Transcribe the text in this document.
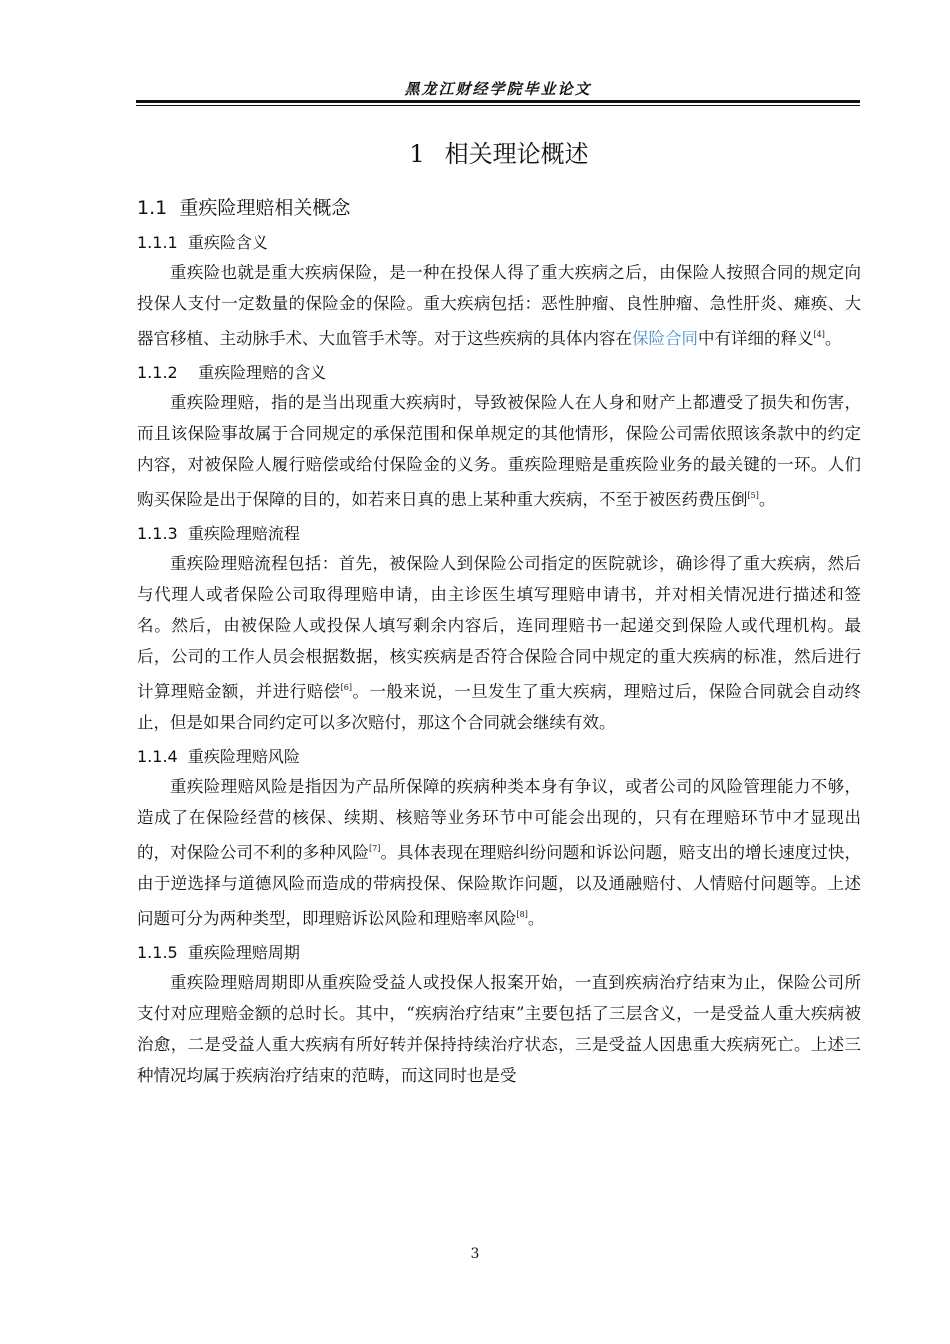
黑龙江财经学院毕业论文
1 相关理论概述
1.1 重疾险理赔相关概念
1.1.1 重疾险含义

重疾险也就是重大疾病保险，是一种在投保人得了重大疾病之后，由保险人按照合同的规定向投保人支付一定数量的保险金的保险。重大疾病包括：恶性肿瘤、良性肿瘤、急性肝炎、瘫痪、大器官移植、主动脉手术、大血管手术等。对于这些疾病的具体内容在保险合同中有详细的释义[4]。

1.1.2 重疾险理赔的含义

重疾险理赔，指的是当出现重大疾病时，导致被保险人在人身和财产上都遭受了损失和伤害，而且该保险事故属于合同规定的承保范围和保单规定的其他情形，保险公司需依照该条款中的约定内容，对被保险人履行赔偿或给付保险金的义务。重疾险理赔是重疾险业务的最关键的一环。人们购买保险是出于保障的目的，如若来日真的患上某种重大疾病，不至于被医药费压倒[5]。

1.1.3 重疾险理赔流程

重疾险理赔流程包括：首先，被保险人到保险公司指定的医院就诊，确诊得了重大疾病，然后与代理人或者保险公司取得理赔申请，由主诊医生填写理赔申请书，并对相关情况进行描述和签名。然后，由被保险人或投保人填写剩余内容后，连同理赔书一起递交到保险人或代理机构。最后，公司的工作人员会根据数据，核实疾病是否符合保险合同中规定的重大疾病的标准，然后进行计算理赔金额，并进行赔偿[6]。一般来说，一旦发生了重大疾病，理赔过后，保险合同就会自动终止，但是如果合同约定可以多次赔付，那这个合同就会继续有效。

1.1.4 重疾险理赔风险

重疾险理赔风险是指因为产品所保障的疾病种类本身有争议，或者公司的风险管理能力不够，造成了在保险经营的核保、续期、核赔等业务环节中可能会出现的，只有在理赔环节中才显现出的，对保险公司不利的多种风险[7]。具体表现在理赔纠纷问题和诉讼问题，赔支出的增长速度过快，由于逆选择与道德风险而造成的带病投保、保险欺诈问题，以及通融赔付、人情赔付问题等。上述问题可分为两种类型，即理赔诉讼风险和理赔率风险[8]。

1.1.5 重疾险理赔周期

重疾险理赔周期即从重疾险受益人或投保人报案开始，一直到疾病治疗结束为止，保险公司所支付对应理赔金额的总时长。其中，“疾病治疗结束”主要包括了三层含义，一是受益人重大疾病被治愈，二是受益人重大疾病有所好转并保持持续治疗状态，三是受益人因患重大疾病死亡。上述三种情况均属于疾病治疗结束的范畴，而这同时也是受

3
